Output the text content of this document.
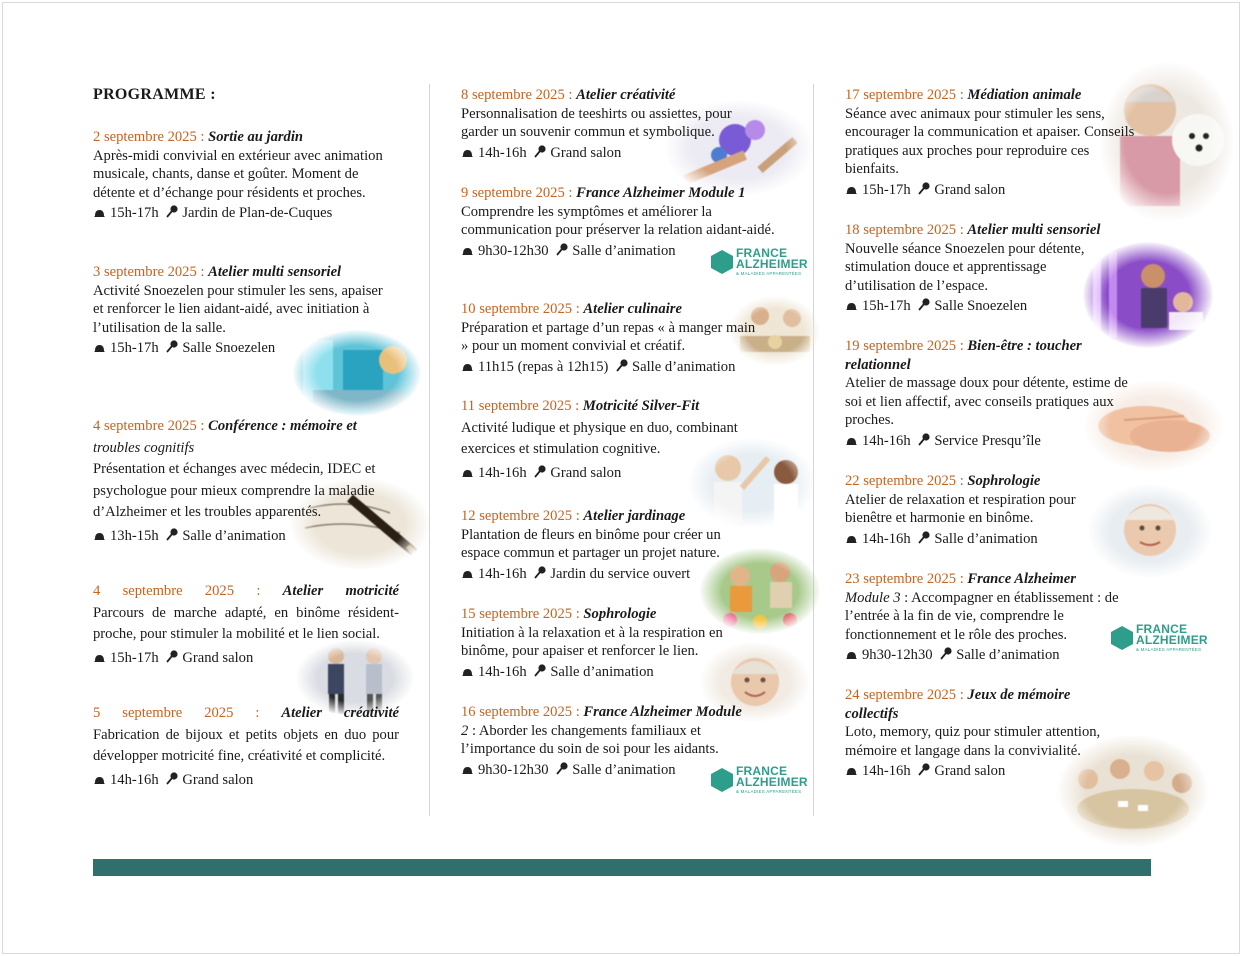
FRANCE
ALZHEIMER
& MALADIES APPARENTÉES
FRANCE
ALZHEIMER
& MALADIES APPARENTÉES
FRANCE
ALZHEIMER
& MALADIES APPARENTÉES
PROGRAMME :

2 septembre 2025 : Sortie au jardin

Après-midi convivial en extérieur avec animation musicale, chants, danse et goûter. Moment de détente et d’échange pour résidents et proches.

15h-17h Jardin de Plan-de-Cuques

3 septembre 2025 : Atelier multi sensoriel

Activité Snoezelen pour stimuler les sens, apaiser et renforcer le lien aidant-aidé, avec initiation à l’utilisation de la salle.

15h-17h Salle Snoezelen

4 septembre 2025 : Conférence : mémoire et
troubles cognitifs

Présentation et échanges avec médecin, IDEC et psychologue pour mieux comprendre la maladie d’Alzheimer et les troubles apparentés.

13h-15h Salle d’animation

4 septembre 2025 : Atelier motricité

Parcours de marche adapté, en binôme résident-proche, pour stimuler la mobilité et le lien social.

15h-17h Grand salon

5 septembre 2025 : Atelier créativité

Fabrication de bijoux et petits objets en duo pour développer motricité fine, créativité et complicité.

14h-16h Grand salon

8 septembre 2025 : Atelier créativité

Personnalisation de teeshirts ou assiettes, pour garder un souvenir commun et symbolique.

14h-16h Grand salon

9 septembre 2025 : France Alzheimer Module 1

Comprendre les symptômes et améliorer la communication pour préserver la relation aidant-aidé.

9h30-12h30 Salle d’animation

10 septembre 2025 : Atelier culinaire

Préparation et partage d’un repas « à manger main » pour un moment convivial et créatif.

11h15 (repas à 12h15) Salle d’animation

11 septembre 2025 : Motricité Silver-Fit

Activité ludique et physique en duo, combinant exercices et stimulation cognitive.

14h-16h Grand salon

12 septembre 2025 : Atelier jardinage

Plantation de fleurs en binôme pour créer un espace commun et partager un projet nature.

14h-16h Jardin du service ouvert

15 septembre 2025 : Sophrologie

Initiation à la relaxation et à la respiration en binôme, pour apaiser et renforcer le lien.

14h-16h Salle d’animation

16 septembre 2025 : France Alzheimer Module

2 : Aborder les changements familiaux et l’importance du soin de soi pour les aidants.

9h30-12h30 Salle d’animation

17 septembre 2025 : Médiation animale

Séance avec animaux pour stimuler les sens, encourager la communication et apaiser. Conseils pratiques aux proches pour reproduire ces bienfaits.

15h-17h Grand salon

18 septembre 2025 : Atelier multi sensoriel

Nouvelle séance Snoezelen pour détente, stimulation douce et apprentissage d’utilisation de l’espace.

15h-17h Salle Snoezelen

19 septembre 2025 : Bien-être : toucher
relationnel

Atelier de massage doux pour détente, estime de soi et lien affectif, avec conseils pratiques aux proches.

14h-16h Service Presqu’île

22 septembre 2025 : Sophrologie

Atelier de relaxation et respiration pour bienêtre et harmonie en binôme.

14h-16h Salle d’animation

23 septembre 2025 : France Alzheimer

Module 3 : Accompagner en établissement : de l’entrée à la fin de vie, comprendre le fonctionnement et le rôle des proches.

9h30-12h30 Salle d’animation

24 septembre 2025 : Jeux de mémoire
collectifs

Loto, memory, quiz pour stimuler attention, mémoire et langage dans la convivialité.

14h-16h Grand salon
